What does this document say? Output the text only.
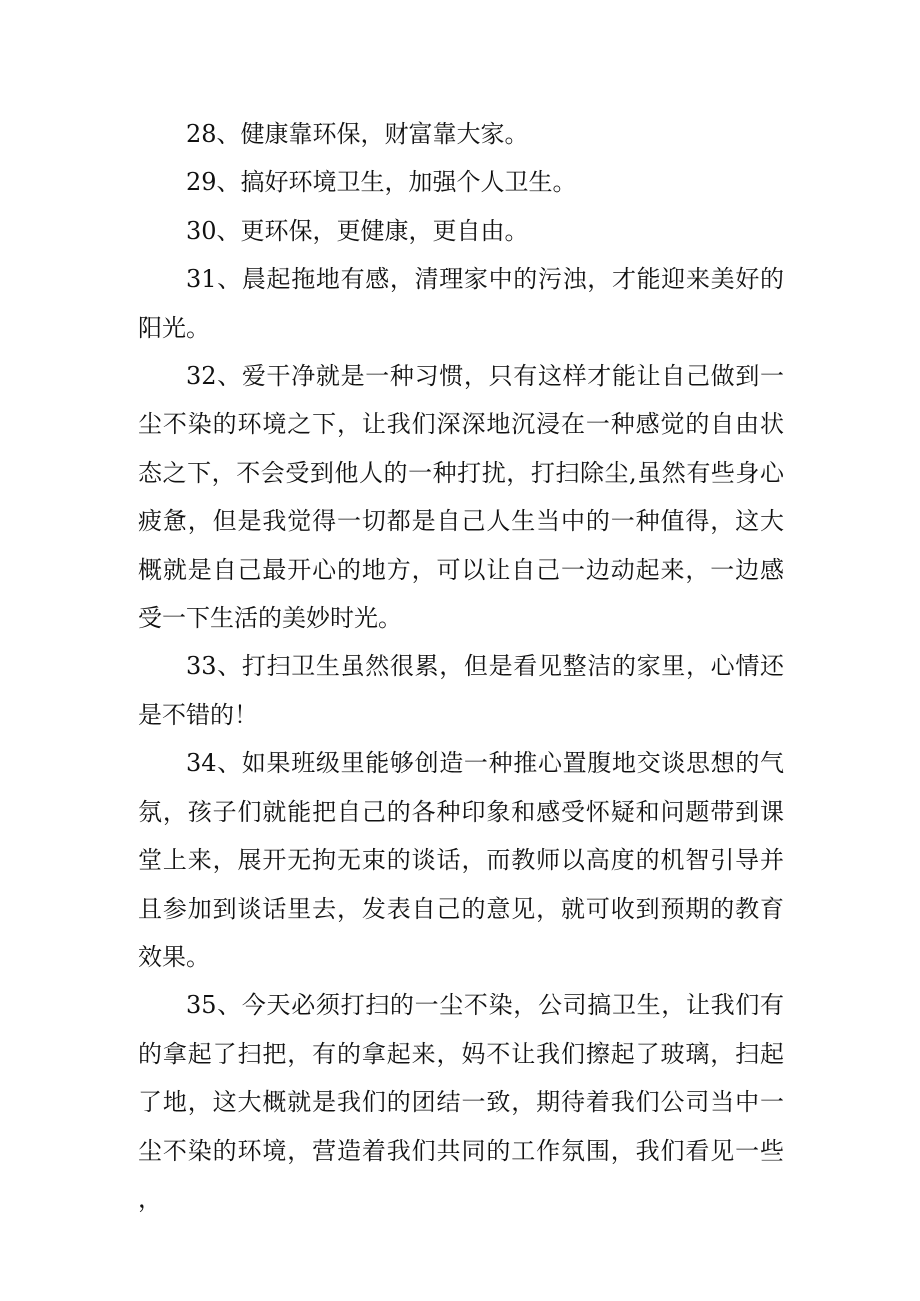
28、健康靠环保，财富靠大家。

29、搞好环境卫生，加强个人卫生。

30、更环保，更健康，更自由。

31、晨起拖地有感，清理家中的污浊，才能迎来美好的阳光。

32、爱干净就是一种习惯，只有这样才能让自己做到一尘不染的环境之下，让我们深深地沉浸在一种感觉的自由状态之下，不会受到他人的一种打扰，打扫除尘,虽然有些身心疲惫，但是我觉得一切都是自己人生当中的一种值得，这大概就是自己最开心的地方，可以让自己一边动起来，一边感受一下生活的美妙时光。

33、打扫卫生虽然很累，但是看见整洁的家里，心情还是不错的！

34、如果班级里能够创造一种推心置腹地交谈思想的气氛，孩子们就能把自己的各种印象和感受怀疑和问题带到课堂上来，展开无拘无束的谈话，而教师以高度的机智引导并且参加到谈话里去，发表自己的意见，就可收到预期的教育效果。

35、今天必须打扫的一尘不染，公司搞卫生，让我们有的拿起了扫把，有的拿起来，妈不让我们擦起了玻璃，扫起了地，这大概就是我们的团结一致，期待着我们公司当中一尘不染的环境，营造着我们共同的工作氛围，我们看见一些，
